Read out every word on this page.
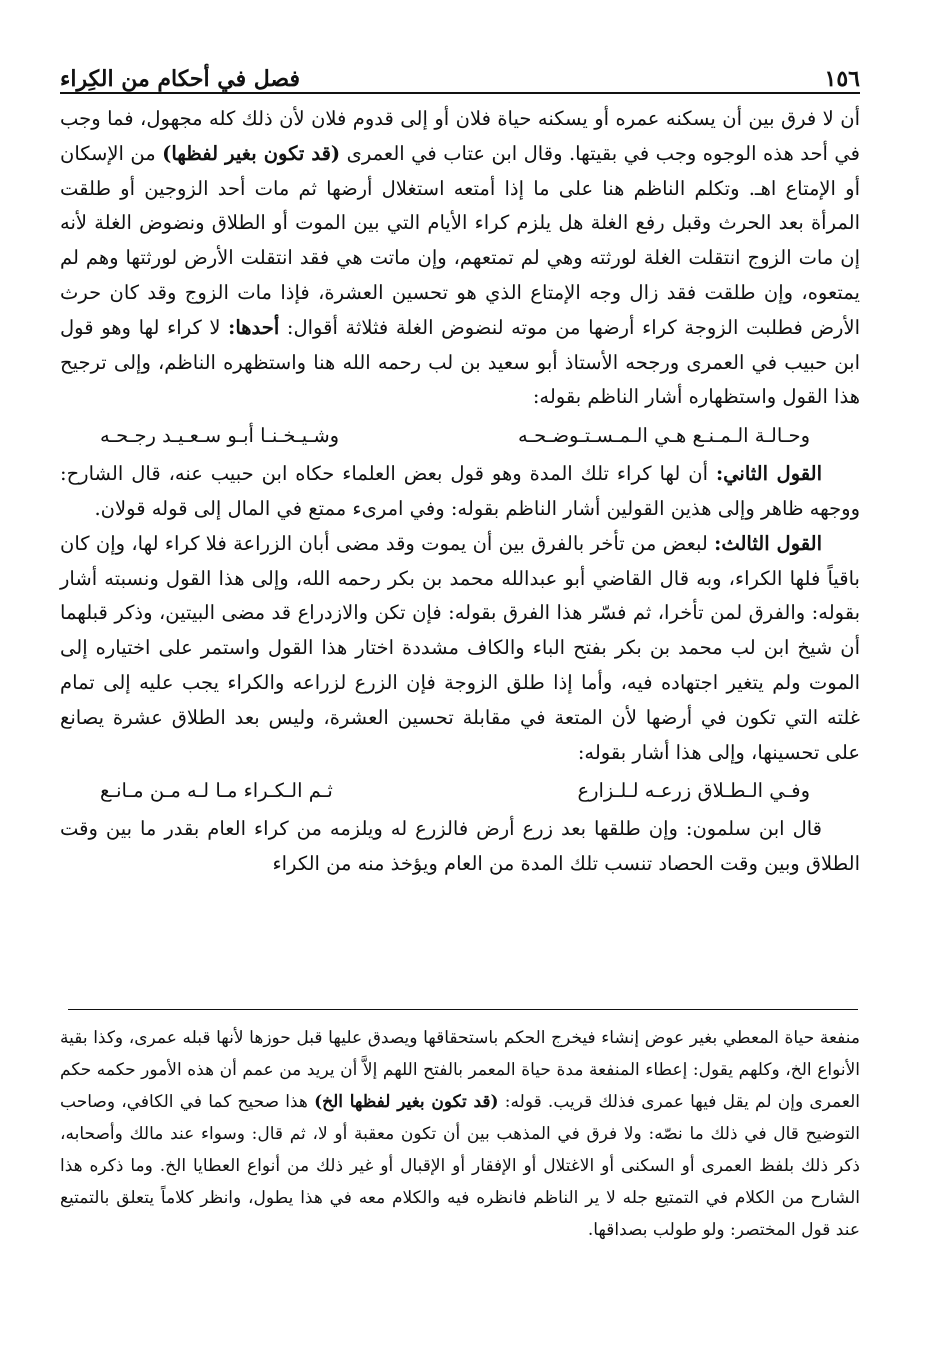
١٥٦
فصل في أحكام من الكِراء

أن لا فرق بين أن يسكنه عمره أو يسكنه حياة فلان أو إلى قدوم فلان لأن ذلك كله مجهول، فما وجب في أحد هذه الوجوه وجب في بقيتها. وقال ابن عتاب في العمرى (قد تكون بغير لفظها) من الإسكان أو الإمتاع اهـ. وتكلم الناظم هنا على ما إذا أمتعه استغلال أرضها ثم مات أحد الزوجين أو طلقت المرأة بعد الحرث وقبل رفع الغلة هل يلزم كراء الأيام التي بين الموت أو الطلاق ونضوض الغلة لأنه إن مات الزوج انتقلت الغلة لورثته وهي لم تمتعهم، وإن ماتت هي فقد انتقلت الأرض لورثتها وهم لم يمتعوه، وإن طلقت فقد زال وجه الإمتاع الذي هو تحسين العشرة، فإذا مات الزوج وقد كان حرث الأرض فطلبت الزوجة كراء أرضها من موته لنضوض الغلة فثلاثة أقوال: أحدها: لا كراء لها وهو قول ابن حبيب في العمرى ورجحه الأستاذ أبو سعيد بن لب رحمه الله هنا واستظهره الناظم، وإلى ترجيح هذا القول واستظهاره أشار الناظم بقوله:

وحـالـة الـمـنـع هـي الـمـسـتـوضـحـه
وشـيـخـنـا أبـو سـعـيـد رجـحـه

القول الثاني: أن لها كراء تلك المدة وهو قول بعض العلماء حكاه ابن حبيب عنه، قال الشارح: ووجهه ظاهر وإلى هذين القولين أشار الناظم بقوله: وفي امرىء ممتع في المال إلى قوله قولان.

القول الثالث: لبعض من تأخر بالفرق بين أن يموت وقد مضى أبان الزراعة فلا كراء لها، وإن كان باقياً فلها الكراء، وبه قال القاضي أبو عبدالله محمد بن بكر رحمه الله، وإلى هذا القول ونسبته أشار بقوله: والفرق لمن تأخرا، ثم فسّر هذا الفرق بقوله: فإن تكن والازدراع قد مضى البيتين، وذكر قبلهما أن شيخ ابن لب محمد بن بكر بفتح الباء والكاف مشددة اختار هذا القول واستمر على اختياره إلى الموت ولم يتغير اجتهاده فيه، وأما إذا طلق الزوجة فإن الزرع لزراعه والكراء يجب عليه إلى تمام غلته التي تكون في أرضها لأن المتعة في مقابلة تحسين العشرة، وليس بعد الطلاق عشرة يصانع على تحسينها، وإلى هذا أشار بقوله:

وفـي الـطـلاق زرعـه لـلـزارع
ثـم الـكـراء مـا لـه مـن مـانـع

قال ابن سلمون: وإن طلقها بعد زرع أرض فالزرع له ويلزمه من كراء العام بقدر ما بين وقت الطلاق وبين وقت الحصاد تنسب تلك المدة من العام ويؤخذ منه من الكراء

منفعة حياة المعطي بغير عوض إنشاء فيخرج الحكم باستحقاقها ويصدق عليها قبل حوزها لأنها قبله عمرى، وكذا بقية الأنواع الخ، وكلهم يقول: إعطاء المنفعة مدة حياة المعمر بالفتح اللهم إلاَّ أن يريد من عمم أن هذه الأمور حكمه حكم العمرى وإن لم يقل فيها عمرى فذلك قريب. قوله: (قد تكون بغير لفظها الخ) هذا صحيح كما في الكافي، وصاحب التوضيح قال في ذلك ما نصّه: ولا فرق في المذهب بين أن تكون معقبة أو لا، ثم قال: وسواء عند مالك وأصحابه، ذكر ذلك بلفظ العمرى أو السكنى أو الاغتلال أو الإفقار أو الإقبال أو غير ذلك من أنواع العطايا الخ. وما ذكره هذا الشارح من الكلام في التمتيع جله لا ير الناظم فانظره فيه والكلام معه في هذا يطول، وانظر كلاماً يتعلق بالتمتيع عند قول المختصر: ولو طولب بصداقها.
